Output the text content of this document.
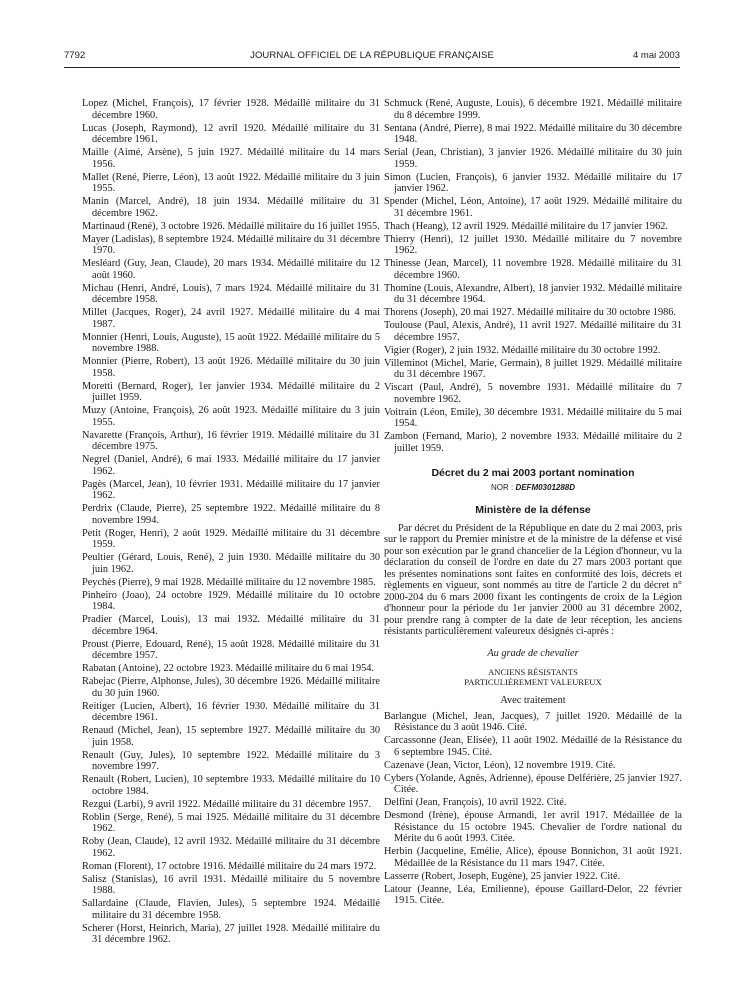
7792	JOURNAL OFFICIEL DE LA RÉPUBLIQUE FRANÇAISE	4 mai 2003
Lopez (Michel, François), 17 février 1928. Médaillé militaire du 31 décembre 1960.
Lucas (Joseph, Raymond), 12 avril 1920. Médaillé militaire du 31 décembre 1961.
Maille (Aimé, Arsène), 5 juin 1927. Médaillé militaire du 14 mars 1956.
Mallet (René, Pierre, Léon), 13 août 1922. Médaillé militaire du 3 juin 1955.
Manin (Marcel, André), 18 juin 1934. Médaillé militaire du 31 décembre 1962.
Martinaud (René), 3 octobre 1926. Médaillé militaire du 16 juillet 1955.
Mayer (Ladislas), 8 septembre 1924. Médaillé militaire du 31 décembre 1970.
Mesléard (Guy, Jean, Claude), 20 mars 1934. Médaillé militaire du 12 août 1960.
Michau (Henri, André, Louis), 7 mars 1924. Médaillé militaire du 31 décembre 1958.
Millet (Jacques, Roger), 24 avril 1927. Médaillé militaire du 4 mai 1987.
Monnier (Henri, Louis, Auguste), 15 août 1922. Médaillé militaire du 5 novembre 1988.
Monnier (Pierre, Robert), 13 août 1926. Médaillé militaire du 30 juin 1958.
Moretti (Bernard, Roger), 1er janvier 1934. Médaillé militaire du 2 juillet 1959.
Muzy (Antoine, François), 26 août 1923. Médaillé militaire du 3 juin 1955.
Navarette (François, Arthur), 16 février 1919. Médaillé militaire du 31 décembre 1975.
Negrel (Daniel, André), 6 mai 1933. Médaillé militaire du 17 janvier 1962.
Pagès (Marcel, Jean), 10 février 1931. Médaillé militaire du 17 janvier 1962.
Perdrix (Claude, Pierre), 25 septembre 1922. Médaillé militaire du 8 novembre 1994.
Petit (Roger, Henri), 2 août 1929. Médaillé militaire du 31 décembre 1959.
Peultier (Gérard, Louis, René), 2 juin 1930. Médaillé militaire du 30 juin 1962.
Peychès (Pierre), 9 mai 1928. Médaillé militaire du 12 novembre 1985.
Pinheiro (Joao), 24 octobre 1929. Médaillé militaire du 10 octobre 1984.
Pradier (Marcel, Louis), 13 mai 1932. Médaillé militaire du 31 décembre 1964.
Proust (Pierre, Edouard, René), 15 août 1928. Médaillé militaire du 31 décembre 1957.
Rabatan (Antoine), 22 octobre 1923. Médaillé militaire du 6 mai 1954.
Rabejac (Pierre, Alphonse, Jules), 30 décembre 1926. Médaillé militaire du 30 juin 1960.
Reitiger (Lucien, Albert), 16 février 1930. Médaillé militaire du 31 décembre 1961.
Renaud (Michel, Jean), 15 septembre 1927. Médaillé militaire du 30 juin 1958.
Renault (Guy, Jules), 10 septembre 1922. Médaillé militaire du 3 novembre 1997.
Renault (Robert, Lucien), 10 septembre 1933. Médaillé militaire du 10 octobre 1984.
Rezgui (Larbi), 9 avril 1922. Médaillé militaire du 31 décembre 1957.
Roblin (Serge, René), 5 mai 1925. Médaillé militaire du 31 décembre 1962.
Roby (Jean, Claude), 12 avril 1932. Médaillé militaire du 31 décembre 1962.
Roman (Florent), 17 octobre 1916. Médaillé militaire du 24 mars 1972.
Salisz (Stanislas), 16 avril 1931. Médaillé militaire du 5 novembre 1988.
Sallardaine (Claude, Flavien, Jules), 5 septembre 1924. Médaillé militaire du 31 décembre 1958.
Scherer (Horst, Heinrich, Maria), 27 juillet 1928. Médaillé militaire du 31 décembre 1962.
Schmuck (René, Auguste, Louis), 6 décembre 1921. Médaillé militaire du 8 décembre 1999.
Sentana (André, Pierre), 8 mai 1922. Médaillé militaire du 30 décembre 1948.
Serial (Jean, Christian), 3 janvier 1926. Médaillé militaire du 30 juin 1959.
Simon (Lucien, François), 6 janvier 1932. Médaillé militaire du 17 janvier 1962.
Spender (Michel, Léon, Antoine), 17 août 1929. Médaillé militaire du 31 décembre 1961.
Thach (Heang), 12 avril 1929. Médaillé militaire du 17 janvier 1962.
Thierry (Henri), 12 juillet 1930. Médaillé militaire du 7 novembre 1962.
Thinesse (Jean, Marcel), 11 novembre 1928. Médaillé militaire du 31 décembre 1960.
Thomine (Louis, Alexandre, Albert), 18 janvier 1932. Médaillé militaire du 31 décembre 1964.
Thorens (Joseph), 20 mai 1927. Médaillé militaire du 30 octobre 1986.
Toulouse (Paul, Alexis, André), 11 avril 1927. Médaillé militaire du 31 décembre 1957.
Vigier (Roger), 2 juin 1932. Médaillé militaire du 30 octobre 1992.
Villeminot (Michel, Marie, Germain), 8 juillet 1929. Médaillé militaire du 31 décembre 1967.
Viscart (Paul, André), 5 novembre 1931. Médaillé militaire du 7 novembre 1962.
Voitrain (Léon, Emile), 30 décembre 1931. Médaillé militaire du 5 mai 1954.
Zambon (Fernand, Mario), 2 novembre 1933. Médaillé militaire du 2 juillet 1959.
Décret du 2 mai 2003 portant nomination
NOR : DEFM0301288D
Ministère de la défense
Par décret du Président de la République en date du 2 mai 2003, pris sur le rapport du Premier ministre et de la ministre de la défense et visé pour son exécution par le grand chancelier de la Légion d'honneur, vu la déclaration du conseil de l'ordre en date du 27 mars 2003 portant que les présentes nominations sont faites en conformité des lois, décrets et règlements en vigueur, sont nommés au titre de l'article 2 du décret n° 2000-204 du 6 mars 2000 fixant les contingents de croix de la Légion d'honneur pour la période du 1er janvier 2000 au 31 décembre 2002, pour prendre rang à compter de la date de leur réception, les anciens résistants particulièrement valeureux désignés ci-après :
Au grade de chevalier
ANCIENS RÉSISTANTS
PARTICULIÈREMENT VALEUREUX
Avec traitement
Barlangue (Michel, Jean, Jacques), 7 juillet 1920. Médaillé de la Résistance du 3 août 1946. Cité.
Carcassonne (Jean, Elisée), 11 août 1902. Médaillé de la Résistance du 6 septembre 1945. Cité.
Cazenave (Jean, Victor, Léon), 12 novembre 1919. Cité.
Cybers (Yolande, Agnès, Adrienne), épouse Delférière, 25 janvier 1927. Citée.
Delfini (Jean, François), 10 avril 1922. Cité.
Desmond (Irène), épouse Armandi, 1er avril 1917. Médaillée de la Résistance du 15 octobre 1945. Chevalier de l'ordre national du Mérite du 6 août 1993. Citée.
Herbin (Jacqueline, Emélie, Alice), épouse Bonnichon, 31 août 1921. Médaillée de la Résistance du 11 mars 1947. Citée.
Lasserre (Robert, Joseph, Eugène), 25 janvier 1922. Cité.
Latour (Jeanne, Léa, Emilienne), épouse Gaillard-Delor, 22 février 1915. Citée.
